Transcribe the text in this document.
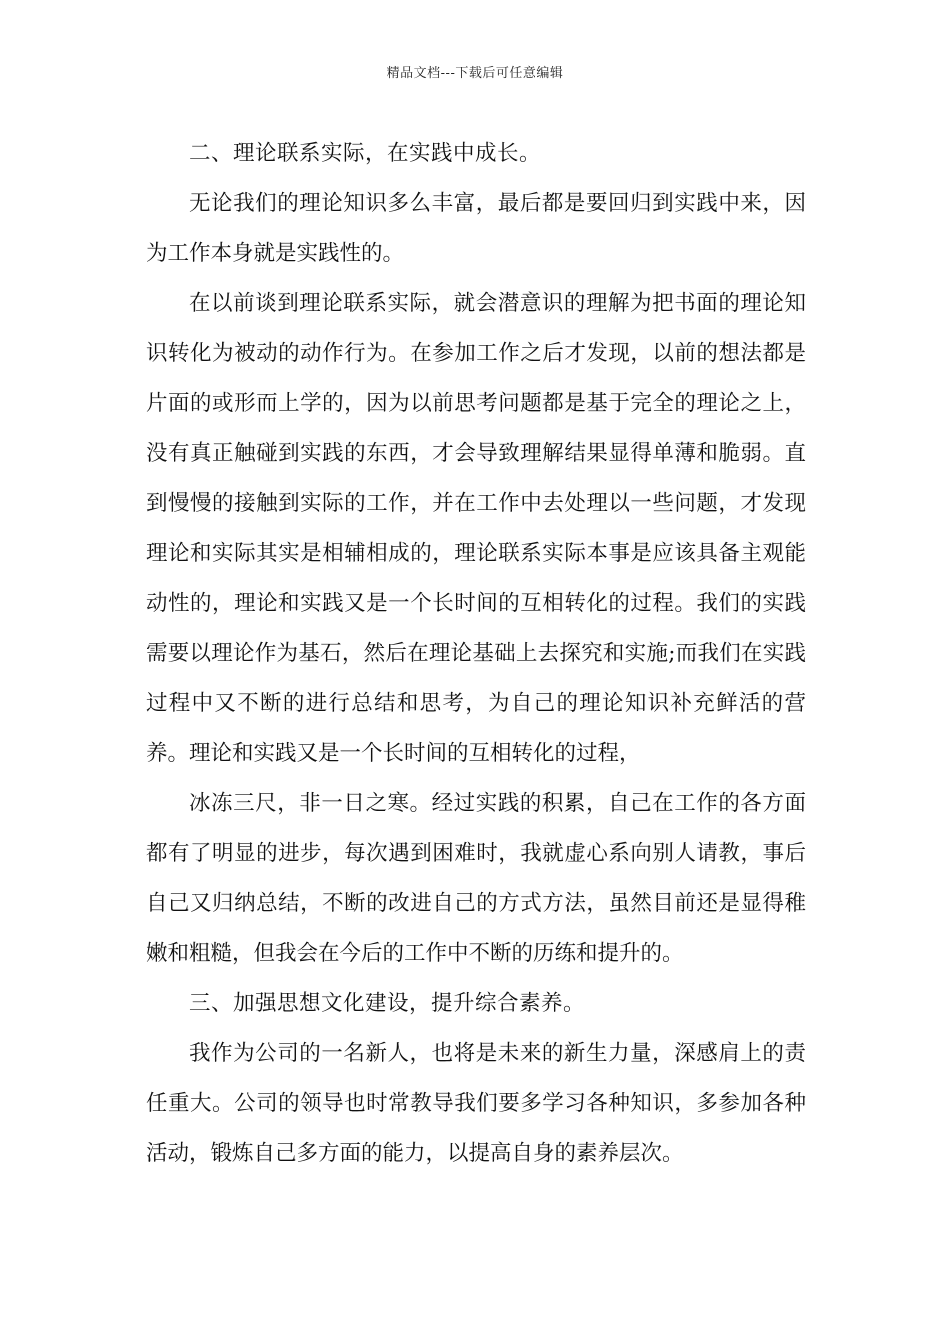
精品文档---下载后可任意编辑

二、理论联系实际，在实践中成长。

无论我们的理论知识多么丰富，最后都是要回归到实践中来，因为工作本身就是实践性的。

在以前谈到理论联系实际，就会潜意识的理解为把书面的理论知识转化为被动的动作行为。在参加工作之后才发现，以前的想法都是片面的或形而上学的，因为以前思考问题都是基于完全的理论之上，没有真正触碰到实践的东西，才会导致理解结果显得单薄和脆弱。直到慢慢的接触到实际的工作，并在工作中去处理以一些问题，才发现理论和实际其实是相辅相成的，理论联系实际本事是应该具备主观能动性的，理论和实践又是一个长时间的互相转化的过程。我们的实践需要以理论作为基石，然后在理论基础上去探究和实施;而我们在实践过程中又不断的进行总结和思考，为自己的理论知识补充鲜活的营养。理论和实践又是一个长时间的互相转化的过程，

冰冻三尺，非一日之寒。经过实践的积累，自己在工作的各方面都有了明显的进步，每次遇到困难时，我就虚心系向别人请教，事后自己又归纳总结，不断的改进自己的方式方法，虽然目前还是显得稚嫩和粗糙，但我会在今后的工作中不断的历练和提升的。

三、加强思想文化建设，提升综合素养。

我作为公司的一名新人，也将是未来的新生力量，深感肩上的责任重大。公司的领导也时常教导我们要多学习各种知识，多参加各种活动，锻炼自己多方面的能力，以提高自身的素养层次。
